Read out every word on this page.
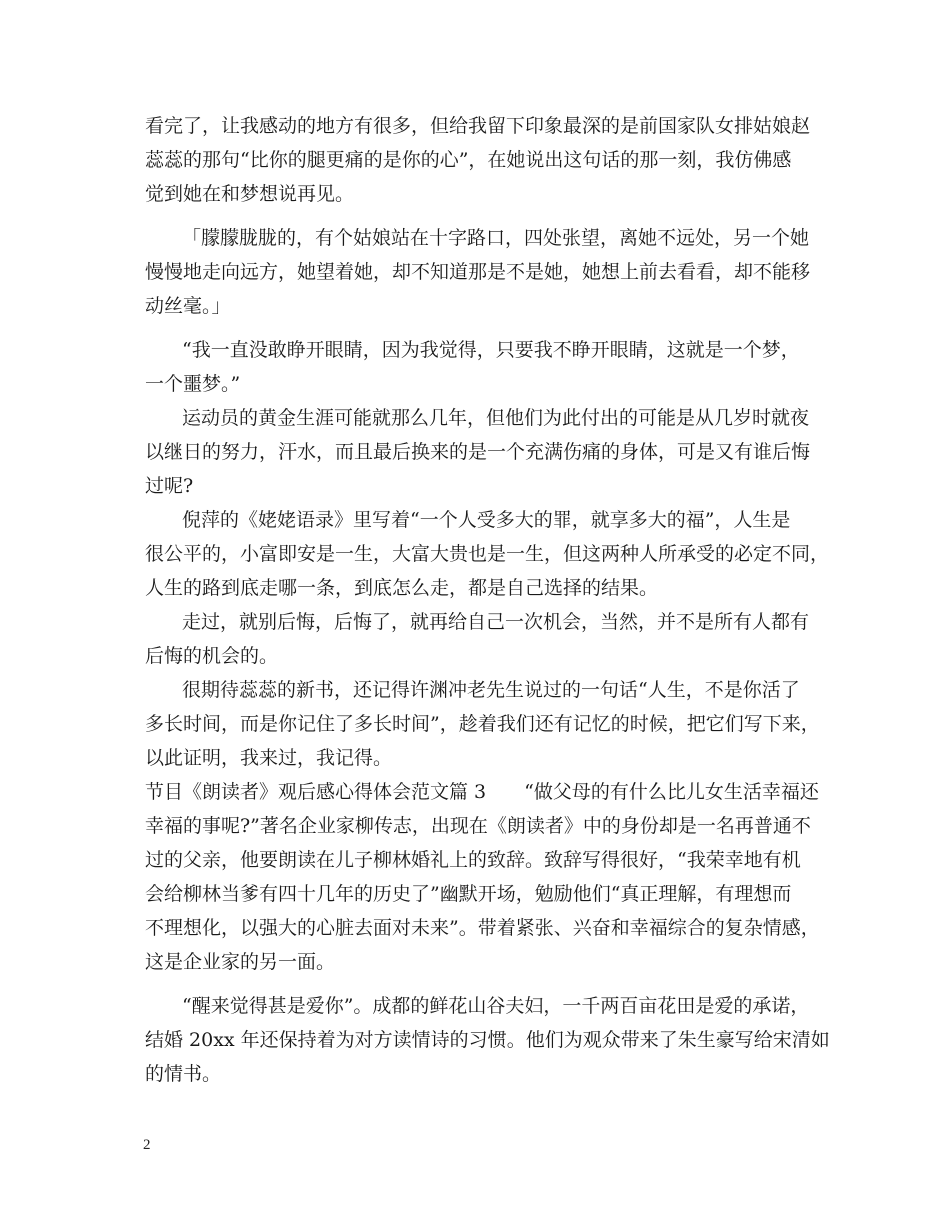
看完了，让我感动的地方有很多，但给我留下印象最深的是前国家队女排姑娘赵
蕊蕊的那句“比你的腿更痛的是你的心”，在她说出这句话的那一刻，我仿佛感
觉到她在和梦想说再见。
「朦朦胧胧的，有个姑娘站在十字路口，四处张望，离她不远处，另一个她
慢慢地走向远方，她望着她，却不知道那是不是她，她想上前去看看，却不能移
动丝毫。」
“我一直没敢睁开眼睛，因为我觉得，只要我不睁开眼睛，这就是一个梦，
一个噩梦。”
运动员的黄金生涯可能就那么几年，但他们为此付出的可能是从几岁时就夜
以继日的努力，汗水，而且最后换来的是一个充满伤痛的身体，可是又有谁后悔
过呢?
倪萍的《姥姥语录》里写着“一个人受多大的罪，就享多大的福”，人生是
很公平的，小富即安是一生，大富大贵也是一生，但这两种人所承受的必定不同，
人生的路到底走哪一条，到底怎么走，都是自己选择的结果。
走过，就别后悔，后悔了，就再给自己一次机会，当然，并不是所有人都有
后悔的机会的。
很期待蕊蕊的新书，还记得许渊冲老先生说过的一句话“人生，不是你活了
多长时间，而是你记住了多长时间”，趁着我们还有记忆的时候，把它们写下来，
以此证明，我来过，我记得。
节目《朗读者》观后感心得体会范文篇 3　　“做父母的有什么比儿女生活幸福还
幸福的事呢?”著名企业家柳传志，出现在《朗读者》中的身份却是一名再普通不
过的父亲，他要朗读在儿子柳林婚礼上的致辞。致辞写得很好，“我荣幸地有机
会给柳林当爹有四十几年的历史了”幽默开场，勉励他们“真正理解，有理想而
不理想化，以强大的心脏去面对未来”。带着紧张、兴奋和幸福综合的复杂情感，
这是企业家的另一面。
“醒来觉得甚是爱你”。成都的鲜花山谷夫妇，一千两百亩花田是爱的承诺，
结婚 20xx 年还保持着为对方读情诗的习惯。他们为观众带来了朱生豪写给宋清如
的情书。
2
